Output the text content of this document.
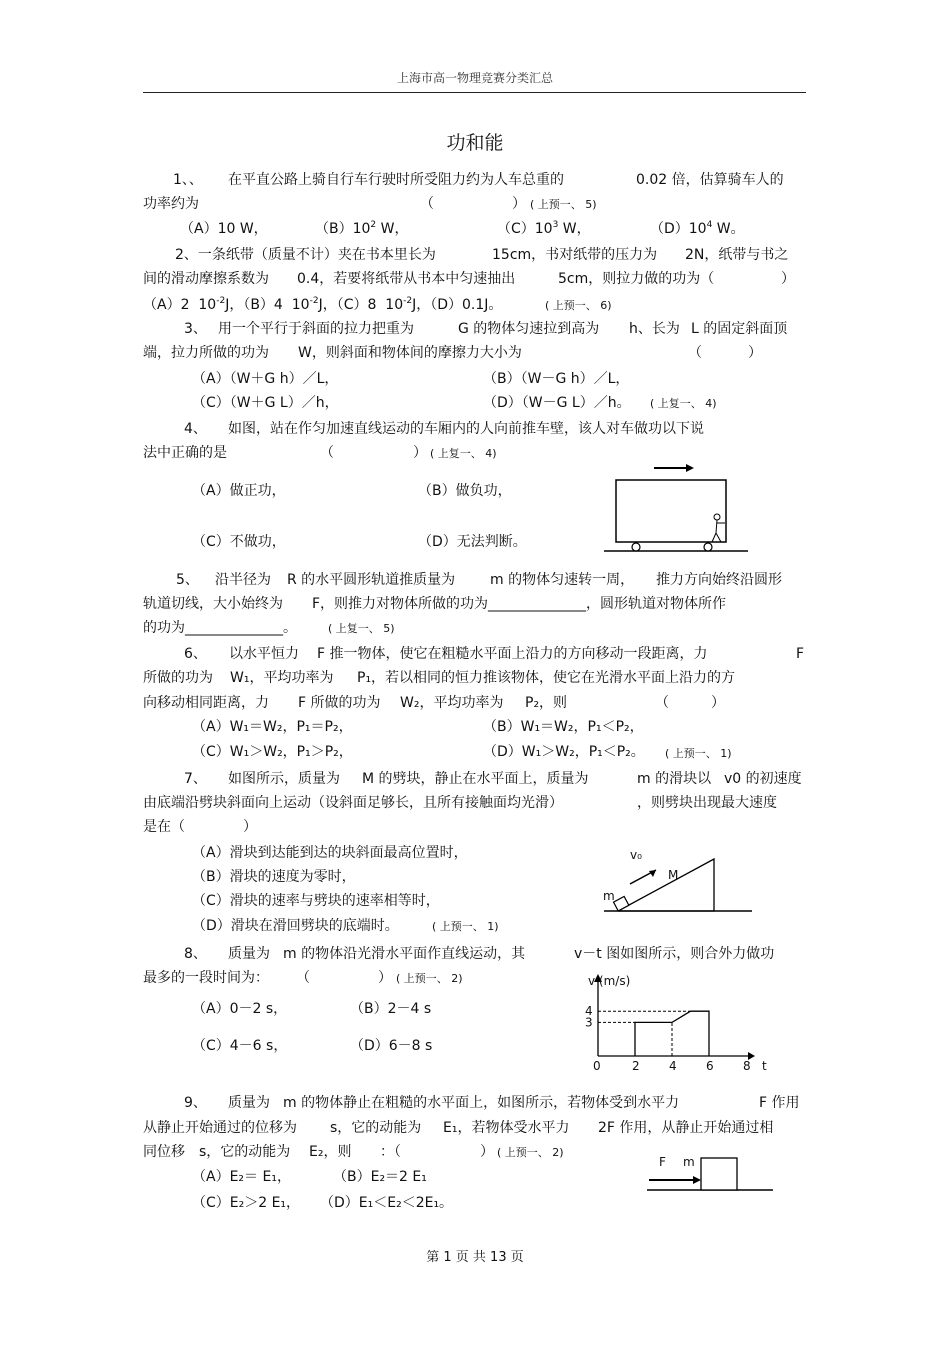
上海市高一物理竞赛分类汇总
功和能
1、、 在平直公路上骑自行车行驶时所受阻力约为人车总重的	0.02 倍，估算骑车人的
功率约为	（	） ( 上预一、 5)
（A）10 W，	$(B)10^2$ W，	$(C)10^3$ W，	$(D)10^4$ W。
2、一条纸带（质量不计）夹在书本里长为	15cm，书对纸带的压力为 2N，纸带与书之
间的滑动摩擦系数为 0.4，若要将纸带从书本中匀速抽出	5cm，则拉力做的功为（	）
（A）2 $10^{-2}J$，（B）4 $10^{-2}J$，（C）8 $10^{-2}J$，（D）0.1J。	( 上预一、 6)
3、 用一个平行于斜面的拉力把重为	G 的物体匀速拉到高为 h、长为 L 的固定斜面顶
端，拉力所做的功为 W，则斜面和物体间的摩擦力大小为	（	）
（A）（W＋G h）／L，	（B）（W－G h）／L，
（C）（W＋G L）／h，	（D）（W－G L）／h。 ( 上复一、 4)
4、 如图，站在作匀加速直线运动的车厢内的人向前推车壁，该人对车做功以下说
法中正确的是	（	） ( 上复一、 4)
（A）做正功，	（B）做负功，
（C）不做功，	（D）无法判断。
5、 沿半径为 R 的水平圆形轨道推质量为 m 的物体匀速转一周， 推力方向始终沿圆形
轨道切线，大小始终为 F，则推力对物体所做的功为______________，圆形轨道对物体所作
的功为______________。	( 上复一、 5)
6、 以水平恒力 F 推一物体，使它在粗糙水平面上沿力的方向移动一段距离，力	F
所做的功为 W₁，平均功率为 P₁，若以相同的恒力推该物体，使它在光滑水平面上沿力的方
向移动相同距离，力 F 所做的功为 W₂，平均功率为 P₂，则	（	）
（A）W₁＝W₂，P₁＝P₂，	（B）W₁＝W₂，P₁＜P₂，
（C）W₁＞W₂，P₁＞P₂，	（D）W₁＞W₂，P₁＜P₂。 ( 上预一、 1)
7、 如图所示，质量为 M 的劈块，静止在水平面上，质量为	m 的滑块以 v0 的初速度
由底端沿劈块斜面向上运动（设斜面足够长，且所有接触面均光滑）	，则劈块出现最大速度
是在（	）
（A）滑块到达能到达的块斜面最高位置时，
（B）滑块的速度为零时，
（C）滑块的速率与劈块的速率相等时，
（D）滑块在滑回劈块的底端时。	( 上预一、 1)
v₀
M
m
8、 质量为 m 的物体沿光滑水平面作直线运动，其	v－t 图如图所示，则合外力做功
最多的一段时间为： （	） ( 上预一、 2)
（A）0－2 s，	（B）2－4 s
（C）4－6 s，	（D）6－8 s
v (m/s)
t
0	2 4 6 8
3
4
9、 质量为 m 的物体静止在粗糙的水平面上，如图所示，若物体受到水平力	F 作用
从静止开始通过的位移为 s，它的动能为 E₁，若物体受水平力 2F 作用，从静止开始通过相
同位移 s，它的动能为 E₂，则 ：（	） ( 上预一、 2)
（A）E₂＝ E₁，	（B）E₂＝2 E₁
（C）E₂＞2 E₁， （D）E₁＜E₂＜2E₁。
F m
第 1 页 共 13 页
